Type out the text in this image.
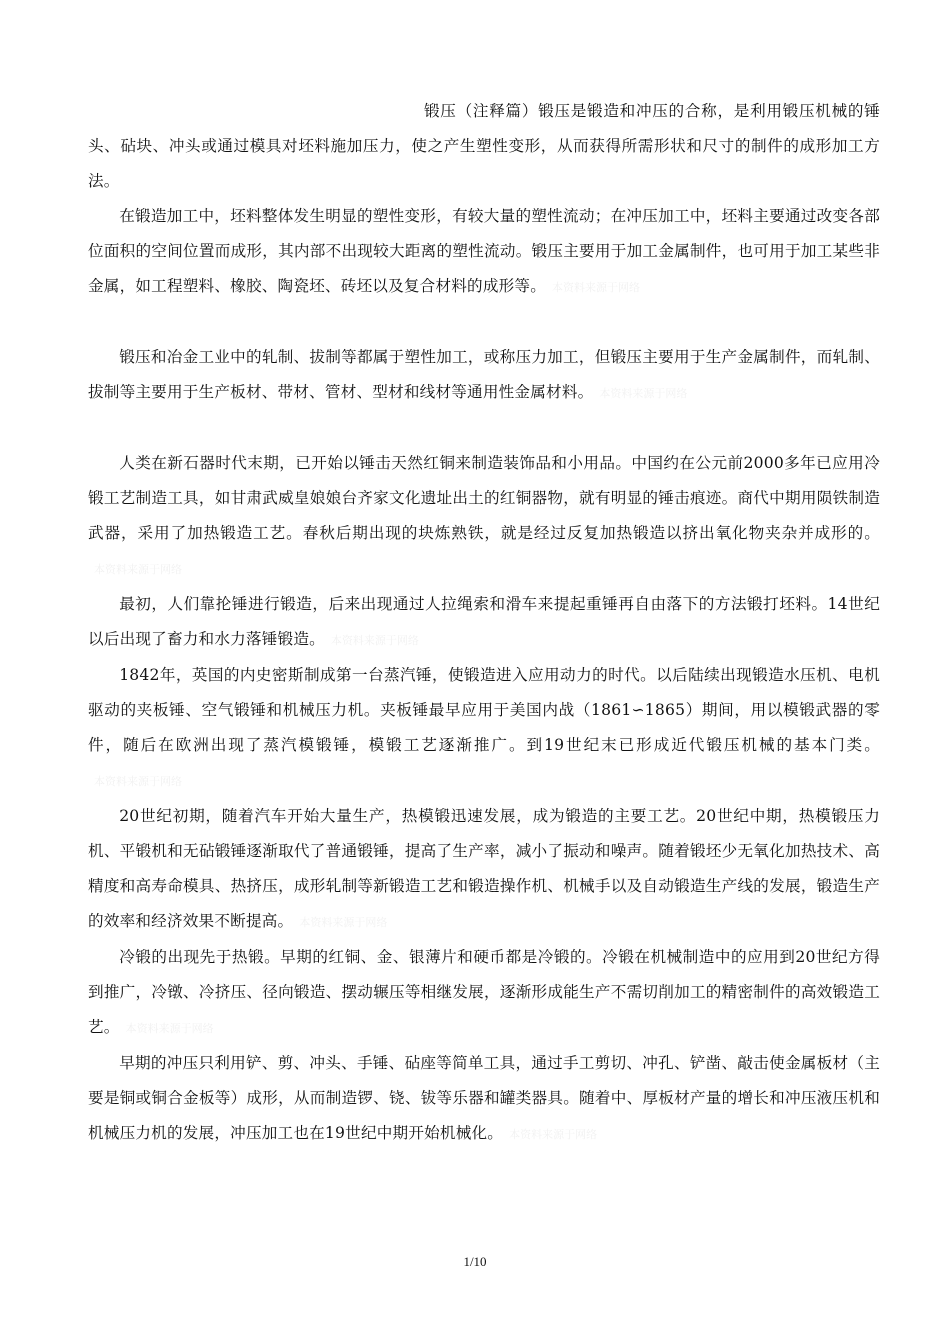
锻压（注释篇）锻压是锻造和冲压的合称，是利用锻压机械的锤头、砧块、冲头或通过模具对坯料施加压力，使之产生塑性变形，从而获得所需形状和尺寸的制件的成形加工方法。

在锻造加工中，坯料整体发生明显的塑性变形，有较大量的塑性流动；在冲压加工中，坯料主要通过改变各部位面积的空间位置而成形，其内部不出现较大距离的塑性流动。锻压主要用于加工金属制件，也可用于加工某些非金属，如工程塑料、橡胶、陶瓷坯、砖坯以及复合材料的成形等。 本资料来源于网络

锻压和冶金工业中的轧制、拔制等都属于塑性加工，或称压力加工，但锻压主要用于生产金属制件，而轧制、拔制等主要用于生产板材、带材、管材、型材和线材等通用性金属材料。 本资料来源于网络

人类在新石器时代末期，已开始以锤击天然红铜来制造装饰品和小用品。中国约在公元前2000多年已应用冷锻工艺制造工具，如甘肃武威皇娘娘台齐家文化遗址出土的红铜器物，就有明显的锤击痕迹。商代中期用陨铁制造武器，采用了加热锻造工艺。春秋后期出现的块炼熟铁，就是经过反复加热锻造以挤出氧化物夹杂并成形的。本资料来源于网络

最初，人们靠抡锤进行锻造，后来出现通过人拉绳索和滑车来提起重锤再自由落下的方法锻打坯料。14世纪以后出现了畜力和水力落锤锻造。 本资料来源于网络

1842年，英国的内史密斯制成第一台蒸汽锤，使锻造进入应用动力的时代。以后陆续出现锻造水压机、电机驱动的夹板锤、空气锻锤和机械压力机。夹板锤最早应用于美国内战（1861∽1865）期间，用以模锻武器的零件，随后在欧洲出现了蒸汽模锻锤，模锻工艺逐渐推广。到19世纪末已形成近代锻压机械的基本门类。本资料来源于网络

20世纪初期，随着汽车开始大量生产，热模锻迅速发展，成为锻造的主要工艺。20世纪中期，热模锻压力机、平锻机和无砧锻锤逐渐取代了普通锻锤，提高了生产率，减小了振动和噪声。随着锻坯少无氧化加热技术、高精度和高寿命模具、热挤压，成形轧制等新锻造工艺和锻造操作机、机械手以及自动锻造生产线的发展，锻造生产的效率和经济效果不断提高。 本资料来源于网络

冷锻的出现先于热锻。早期的红铜、金、银薄片和硬币都是冷锻的。冷锻在机械制造中的应用到20世纪方得到推广，冷镦、冷挤压、径向锻造、摆动辗压等相继发展，逐渐形成能生产不需切削加工的精密制件的高效锻造工艺。 本资料来源于网络

早期的冲压只利用铲、剪、冲头、手锤、砧座等简单工具，通过手工剪切、冲孔、铲凿、敲击使金属板材（主要是铜或铜合金板等）成形，从而制造锣、铙、钹等乐器和罐类器具。随着中、厚板材产量的增长和冲压液压机和机械压力机的发展，冲压加工也在19世纪中期开始机械化。 本资料来源于网络

1/10
